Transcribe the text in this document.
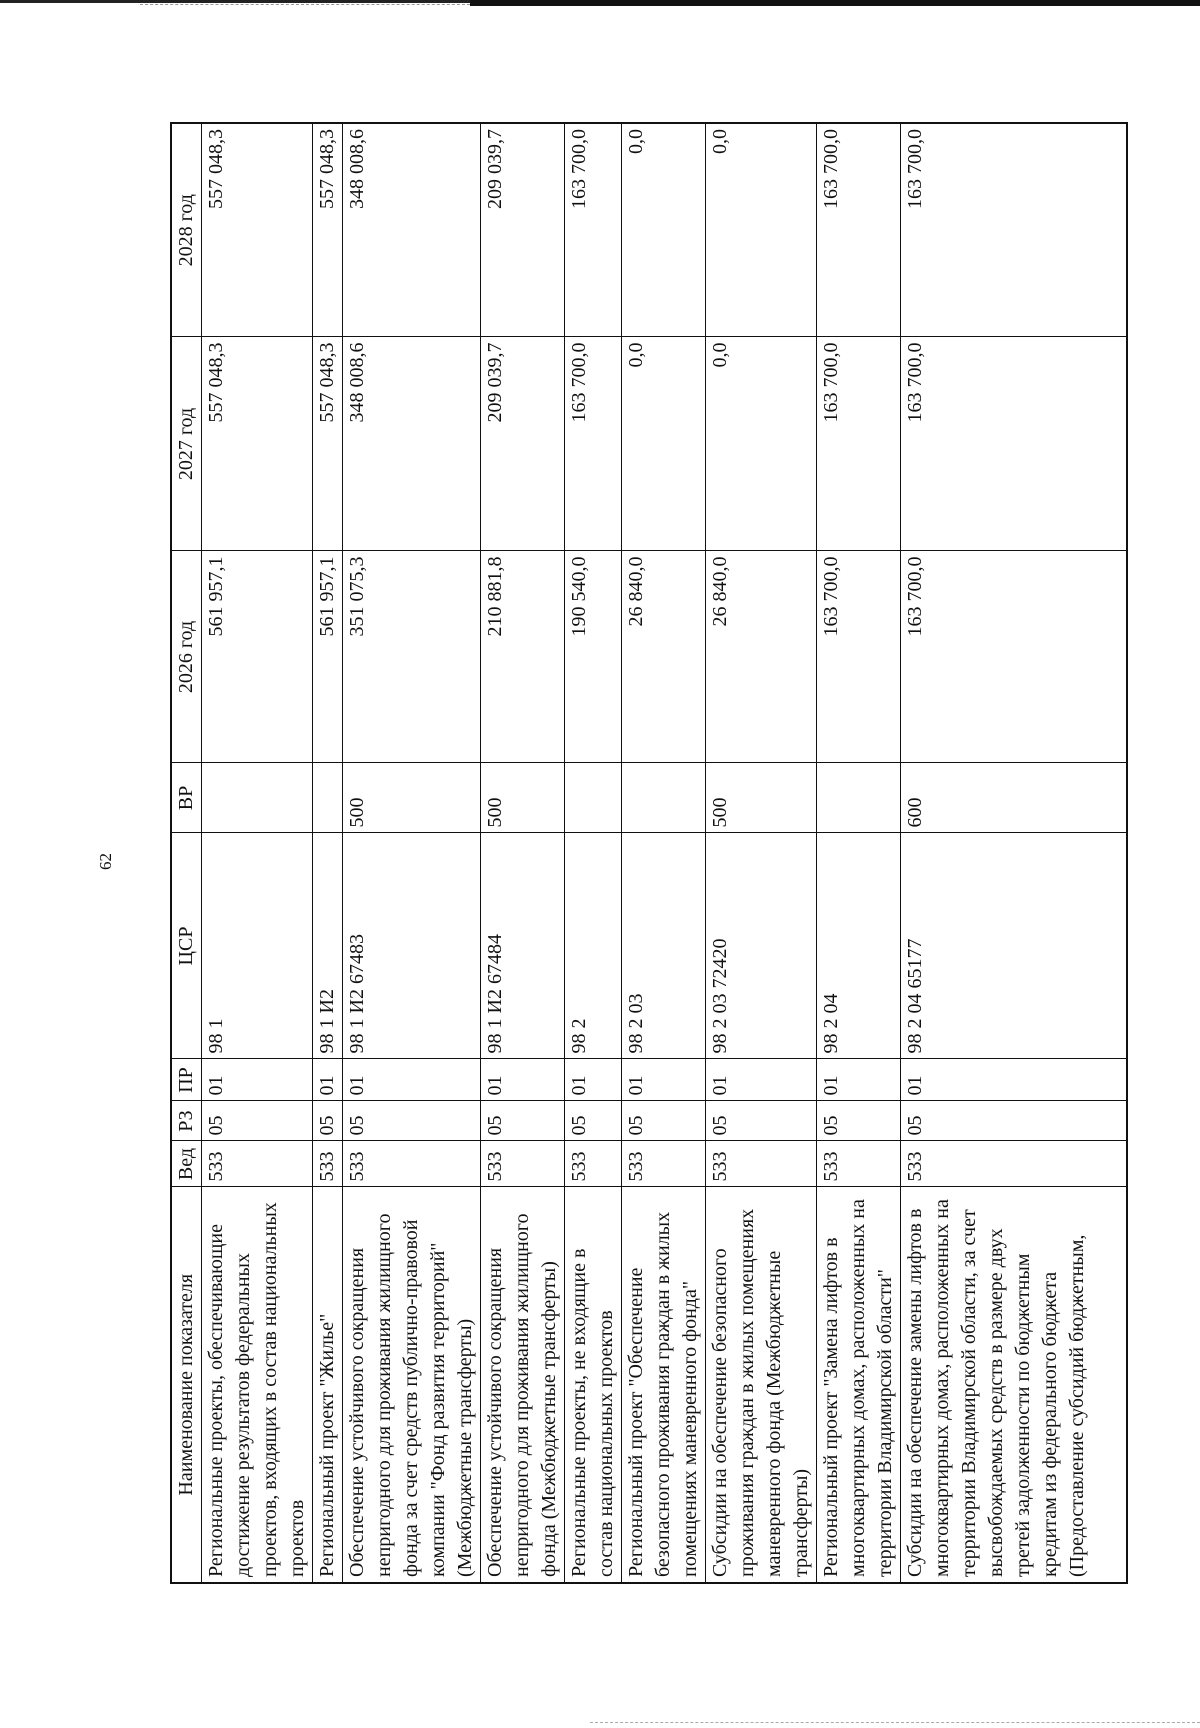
62
Наименование показателя	Вед	РЗ	ПР	ЦСР	ВР	2026 год	2027 год	2028 год
Региональные проекты, обеспечивающие достижение результатов федеральных проектов, входящих в состав национальных проектов	533	05	01	98 1		561 957,1	557 048,3	557 048,3
Региональный проект "Жилье"	533	05	01	98 1 И2		561 957,1	557 048,3	557 048,3
Обеспечение устойчивого сокращения непригодного для проживания жилищного фонда за счет средств публично-правовой компании "Фонд развития территорий" (Межбюджетные трансферты)	533	05	01	98 1 И2 67483	500	351 075,3	348 008,6	348 008,6
Обеспечение устойчивого сокращения непригодного для проживания жилищного фонда (Межбюджетные трансферты)	533	05	01	98 1 И2 67484	500	210 881,8	209 039,7	209 039,7
Региональные проекты, не входящие в состав национальных проектов	533	05	01	98 2		190 540,0	163 700,0	163 700,0
Региональный проект "Обеспечение безопасного проживания граждан в жилых помещениях маневренного фонда"	533	05	01	98 2 03		26 840,0	0,0	0,0
Субсидии на обеспечение безопасного проживания граждан в жилых помещениях маневренного фонда (Межбюджетные трансферты)	533	05	01	98 2 03 72420	500	26 840,0	0,0	0,0
Региональный проект "Замена лифтов в многоквартирных домах, расположенных на территории Владимирской области"	533	05	01	98 2 04		163 700,0	163 700,0	163 700,0
Субсидии на обеспечение замены лифтов в многоквартирных домах, расположенных на территории Владимирской области, за счет высвобождаемых средств в размере двух третей задолженности по бюджетным кредитам из федерального бюджета (Предоставление субсидий бюджетным,	533	05	01	98 2 04 65177	600	163 700,0	163 700,0	163 700,0
